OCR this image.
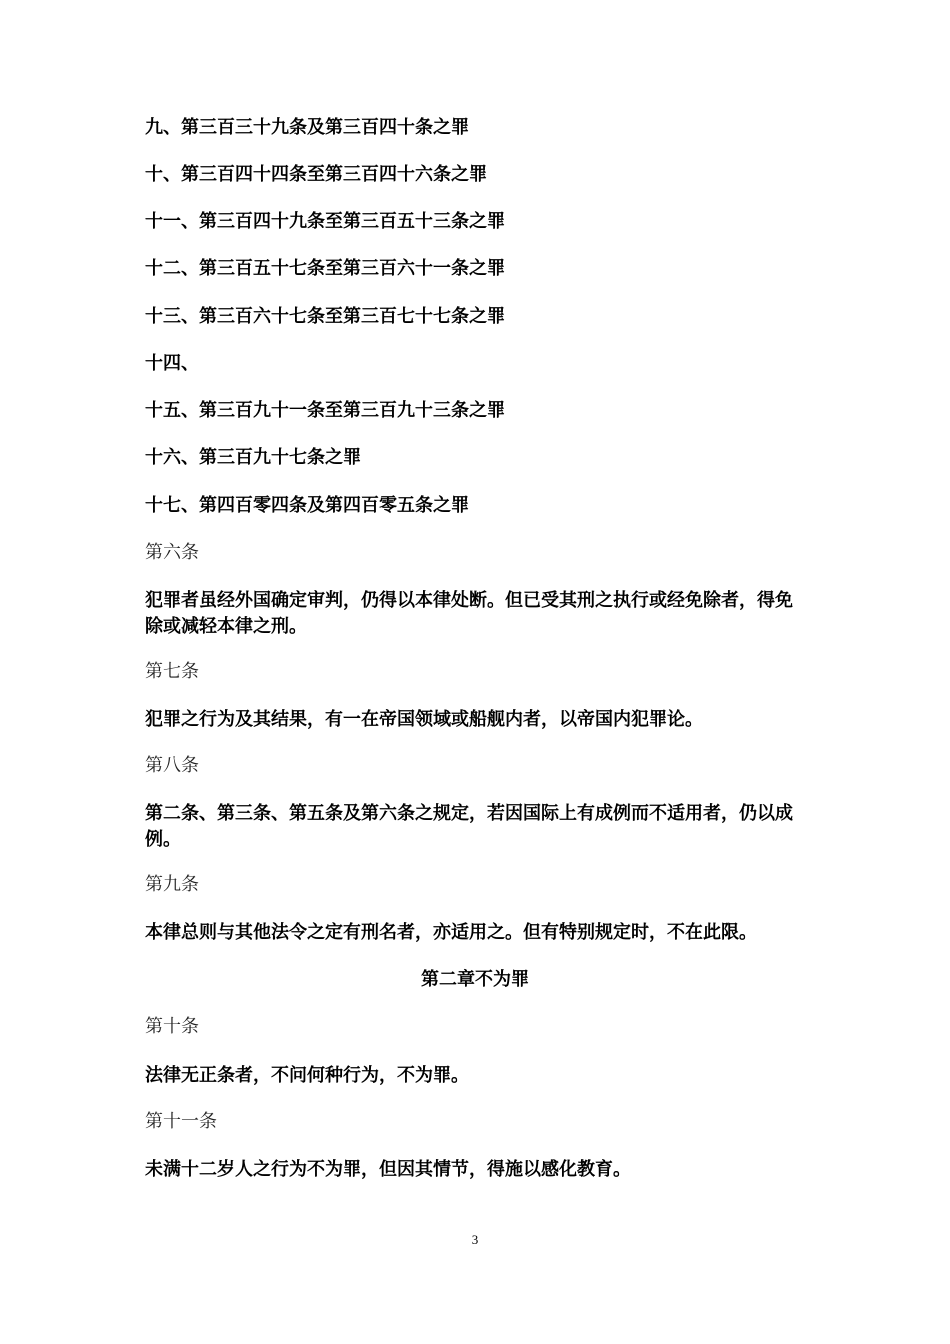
九、第三百三十九条及第三百四十条之罪

十、第三百四十四条至第三百四十六条之罪

十一、第三百四十九条至第三百五十三条之罪

十二、第三百五十七条至第三百六十一条之罪

十三、第三百六十七条至第三百七十七条之罪

十四、

十五、第三百九十一条至第三百九十三条之罪

十六、第三百九十七条之罪

十七、第四百零四条及第四百零五条之罪

第六条

犯罪者虽经外国确定审判，仍得以本律处断。但已受其刑之执行或经免除者，得免除或减轻本律之刑。

第七条

犯罪之行为及其结果，有一在帝国领域或船舰内者，以帝国内犯罪论。

第八条

第二条、第三条、第五条及第六条之规定，若因国际上有成例而不适用者，仍以成例。

第九条

本律总则与其他法令之定有刑名者，亦适用之。但有特别规定时，不在此限。

第二章不为罪

第十条

法律无正条者，不问何种行为，不为罪。

第十一条

未满十二岁人之行为不为罪，但因其情节，得施以感化教育。

3
